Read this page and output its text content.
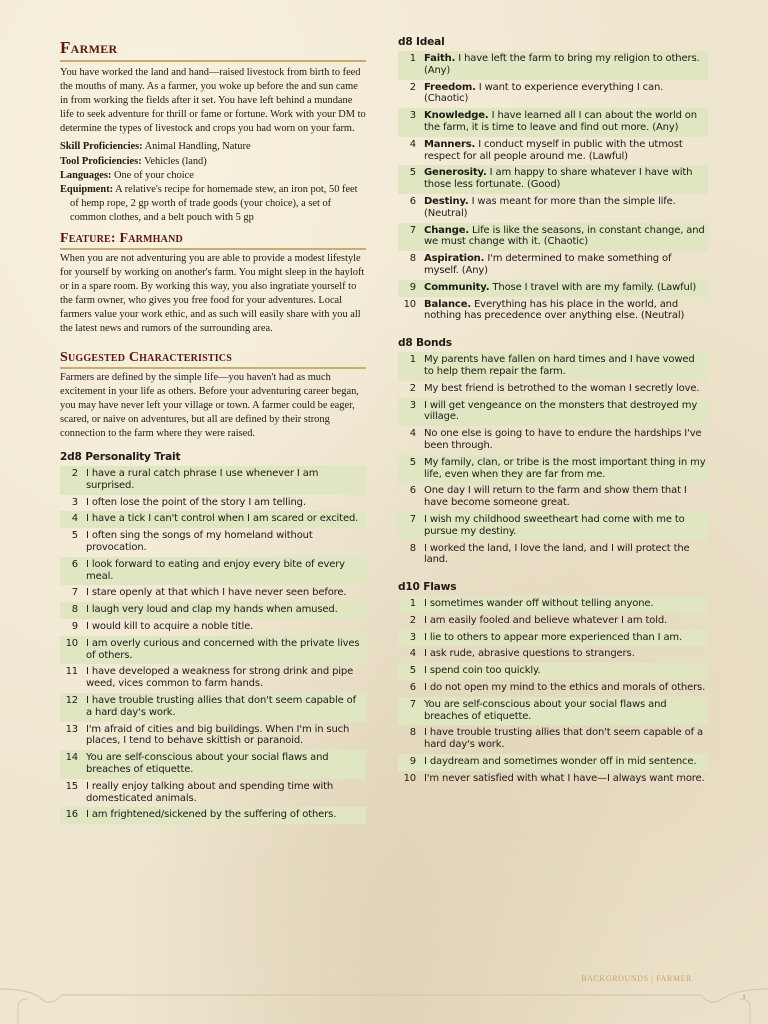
Farmer

You have worked the land and hand—raised livestock from birth to feed the mouths of many. As a farmer, you woke up before the and sun came in from working the fields after it set. You have left behind a mundane life to seek adventure for thrill or fame or fortune. Work with your DM to determine the types of livestock and crops you had worn on your farm.

Skill Proficiencies: Animal Handling, Nature
Tool Proficiencies: Vehicles (land)
Languages: One of your choice
Equipment: A relative's recipe for homemade stew, an iron pot, 50 feet of hemp rope, 2 gp worth of trade goods (your choice), a set of common clothes, and a belt pouch with 5 gp
Feature: Farmhand

When you are not adventuring you are able to provide a modest lifestyle for yourself by working on another's farm. You might sleep in the hayloft or in a spare room. By working this way, you also ingratiate yourself to the farm owner, who gives you free food for your adventures. Local farmers value your work ethic, and as such will easily share with you all the latest news and rumors of the surrounding area.

Suggested Characteristics

Farmers are defined by the simple life—you haven't had as much excitement in your life as others. Before your adventuring career began, you may have never left your village or town. A farmer could be eager, scared, or naive on adventures, but all are defined by their strong connection to the farm where they were raised.

2d8 Personality Trait
2	I have a rural catch phrase I use whenever I am surprised.
3	I often lose the point of the story I am telling.
4	I have a tick I can't control when I am scared or excited.
5	I often sing the songs of my homeland without provocation.
6	I look forward to eating and enjoy every bite of every meal.
7	I stare openly at that which I have never seen before.
8	I laugh very loud and clap my hands when amused.
9	I would kill to acquire a noble title.
10	I am overly curious and concerned with the private lives of others.
11	I have developed a weakness for strong drink and pipe weed, vices common to farm hands.
12	I have trouble trusting allies that don't seem capable of a hard day's work.
13	I'm afraid of cities and big buildings. When I'm in such places, I tend to behave skittish or paranoid.
14	You are self-conscious about your social flaws and breaches of etiquette.
15	I really enjoy talking about and spending time with domesticated animals.
16	I am frightened/sickened by the suffering of others.
d8 Ideal
1	Faith. I have left the farm to bring my religion to others. (Any)
2	Freedom. I want to experience everything I can. (Chaotic)
3	Knowledge. I have learned all I can about the world on the farm, it is time to leave and find out more. (Any)
4	Manners. I conduct myself in public with the utmost respect for all people around me. (Lawful)
5	Generosity. I am happy to share whatever I have with those less fortunate. (Good)
6	Destiny. I was meant for more than the simple life. (Neutral)
7	Change. Life is like the seasons, in constant change, and we must change with it. (Chaotic)
8	Aspiration. I'm determined to make something of myself. (Any)
9	Community. Those I travel with are my family. (Lawful)
10	Balance. Everything has his place in the world, and nothing has precedence over anything else. (Neutral)
d8 Bonds
1	My parents have fallen on hard times and I have vowed to help them repair the farm.
2	My best friend is betrothed to the woman I secretly love.
3	I will get vengeance on the monsters that destroyed my village.
4	No one else is going to have to endure the hardships I've been through.
5	My family, clan, or tribe is the most important thing in my life, even when they are far from me.
6	One day I will return to the farm and show them that I have become someone great.
7	I wish my childhood sweetheart had come with me to pursue my destiny.
8	I worked the land, I love the land, and I will protect the land.
d10 Flaws
1	I sometimes wander off without telling anyone.
2	I am easily fooled and believe whatever I am told.
3	I lie to others to appear more experienced than I am.
4	I ask rude, abrasive questions to strangers.
5	I spend coin too quickly.
6	I do not open my mind to the ethics and morals of others.
7	You are self-conscious about your social flaws and breaches of etiquette.
8	I have trouble trusting allies that don't seem capable of a hard day's work.
9	I daydream and sometimes wonder off in mid sentence.
10	I'm never satisfied with what I have—I always want more.
BACKGROUNDS | FARMER
1
